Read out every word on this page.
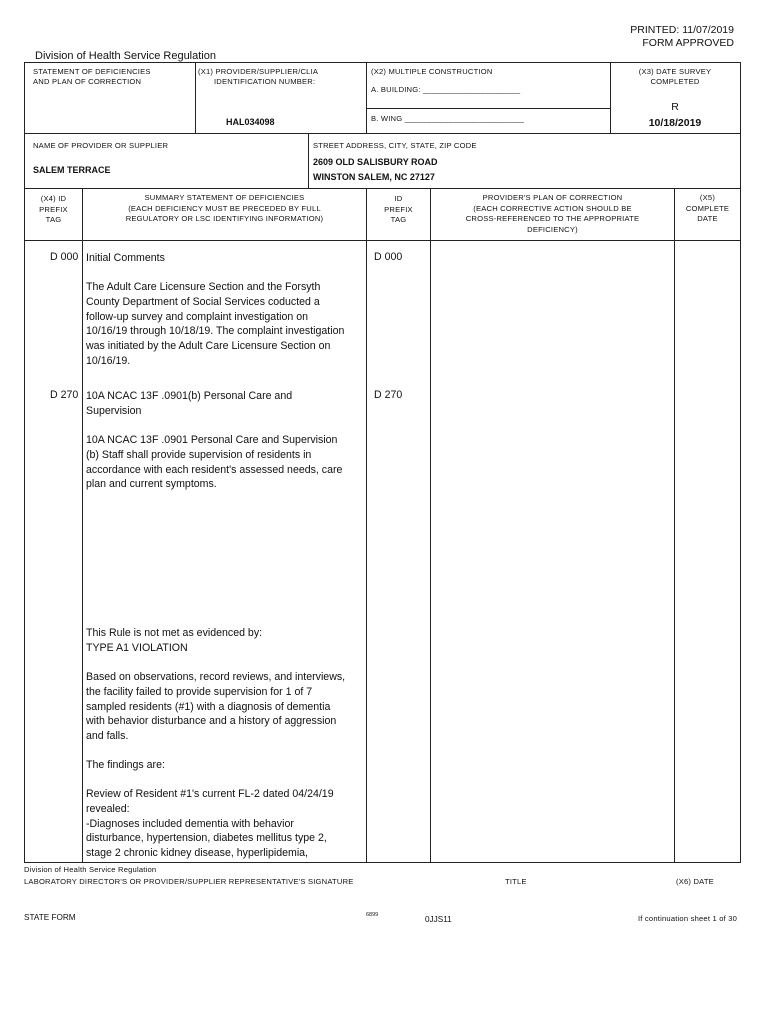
PRINTED: 11/07/2019
FORM APPROVED
Division of Health Service Regulation
STATEMENT OF DEFICIENCIES
AND PLAN OF CORRECTION
(X1) PROVIDER/SUPPLIER/CLIA
IDENTIFICATION NUMBER:
HAL034098
(X2) MULTIPLE CONSTRUCTION
A. BUILDING: ______________________
B. WING ___________________________
(X3) DATE SURVEY
COMPLETED
R
10/18/2019
NAME OF PROVIDER OR SUPPLIER
SALEM TERRACE
STREET ADDRESS, CITY, STATE, ZIP CODE
2609 OLD SALISBURY ROAD
WINSTON SALEM, NC 27127
(X4) ID
PREFIX
TAG
SUMMARY STATEMENT OF DEFICIENCIES
(EACH DEFICIENCY MUST BE PRECEDED BY FULL
REGULATORY OR LSC IDENTIFYING INFORMATION)
ID
PREFIX
TAG
PROVIDER'S PLAN OF CORRECTION
(EACH CORRECTIVE ACTION SHOULD BE
CROSS-REFERENCED TO THE APPROPRIATE
DEFICIENCY)
(X5)
COMPLETE
DATE
D 000	D 000
Initial Comments
The Adult Care Licensure Section and the Forsyth County Department of Social Services coducted a follow-up survey and complaint investigation on 10/16/19 through 10/18/19. The complaint investigation was initiated by the Adult Care Licensure Section on 10/16/19.
D 270	D 270
10A NCAC 13F .0901(b) Personal Care and Supervision
10A NCAC 13F .0901 Personal Care and Supervision
(b) Staff shall provide supervision of residents in accordance with each resident's assessed needs, care plan and current symptoms.
This Rule is not met as evidenced by:
TYPE A1 VIOLATION
Based on observations, record reviews, and interviews, the facility failed to provide supervision for 1 of 7 sampled residents (#1) with a diagnosis of dementia with behavior disturbance and a history of aggression and falls.
The findings are:
Review of Resident #1's current FL-2 dated 04/24/19 revealed:
-Diagnoses included dementia with behavior disturbance, hypertension, diabetes mellitus type 2, stage 2 chronic kidney disease, hyperlipidemia,
Division of Health Service Regulation
LABORATORY DIRECTOR'S OR PROVIDER/SUPPLIER REPRESENTATIVE'S SIGNATURE	TITLE	(X6) DATE
STATE FORM	6899	0JJS11	If continuation sheet 1 of 30
